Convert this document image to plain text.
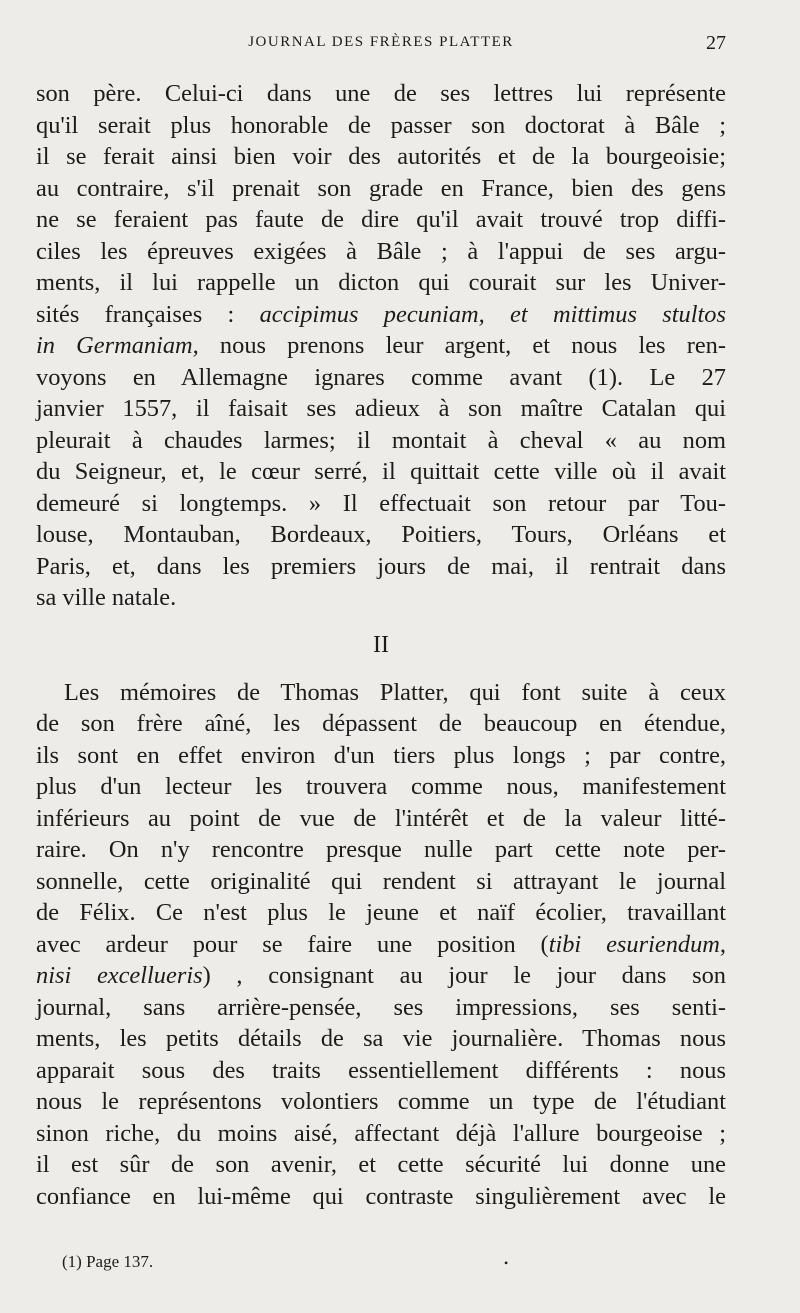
JOURNAL DES FRÈRES PLATTER	27
son père. Celui-ci dans une de ses lettres lui représente
qu'il serait plus honorable de passer son doctorat à Bâle ;
il se ferait ainsi bien voir des autorités et de la bourgeoisie;
au contraire, s'il prenait son grade en France, bien des gens
ne se feraient pas faute de dire qu'il avait trouvé trop diffi-
ciles les épreuves exigées à Bâle ; à l'appui de ses argu-
ments, il lui rappelle un dicton qui courait sur les Univer-
sités françaises : accipimus pecuniam, et mittimus stultos
in Germaniam, nous prenons leur argent, et nous les ren-
voyons en Allemagne ignares comme avant (1). Le 27
janvier 1557, il faisait ses adieux à son maître Catalan qui
pleurait à chaudes larmes; il montait à cheval « au nom
du Seigneur, et, le cœur serré, il quittait cette ville où il avait
demeuré si longtemps. » Il effectuait son retour par Tou-
louse, Montauban, Bordeaux, Poitiers, Tours, Orléans et
Paris, et, dans les premiers jours de mai, il rentrait dans
sa ville natale.
II
Les mémoires de Thomas Platter, qui font suite à ceux
de son frère aîné, les dépassent de beaucoup en étendue,
ils sont en effet environ d'un tiers plus longs ; par contre,
plus d'un lecteur les trouvera comme nous, manifestement
inférieurs au point de vue de l'intérêt et de la valeur litté-
raire. On n'y rencontre presque nulle part cette note per-
sonnelle, cette originalité qui rendent si attrayant le journal
de Félix. Ce n'est plus le jeune et naïf écolier, travaillant
avec ardeur pour se faire une position (tibi esuriendum,
nisi excellueris) , consignant au jour le jour dans son
journal, sans arrière-pensée, ses impressions, ses senti-
ments, les petits détails de sa vie journalière. Thomas nous
apparait sous des traits essentiellement différents : nous
nous le représentons volontiers comme un type de l'étudiant
sinon riche, du moins aisé, affectant déjà l'allure bourgeoise ;
il est sûr de son avenir, et cette sécurité lui donne une
confiance en lui-même qui contraste singulièrement avec le
(1) Page 137.	•
